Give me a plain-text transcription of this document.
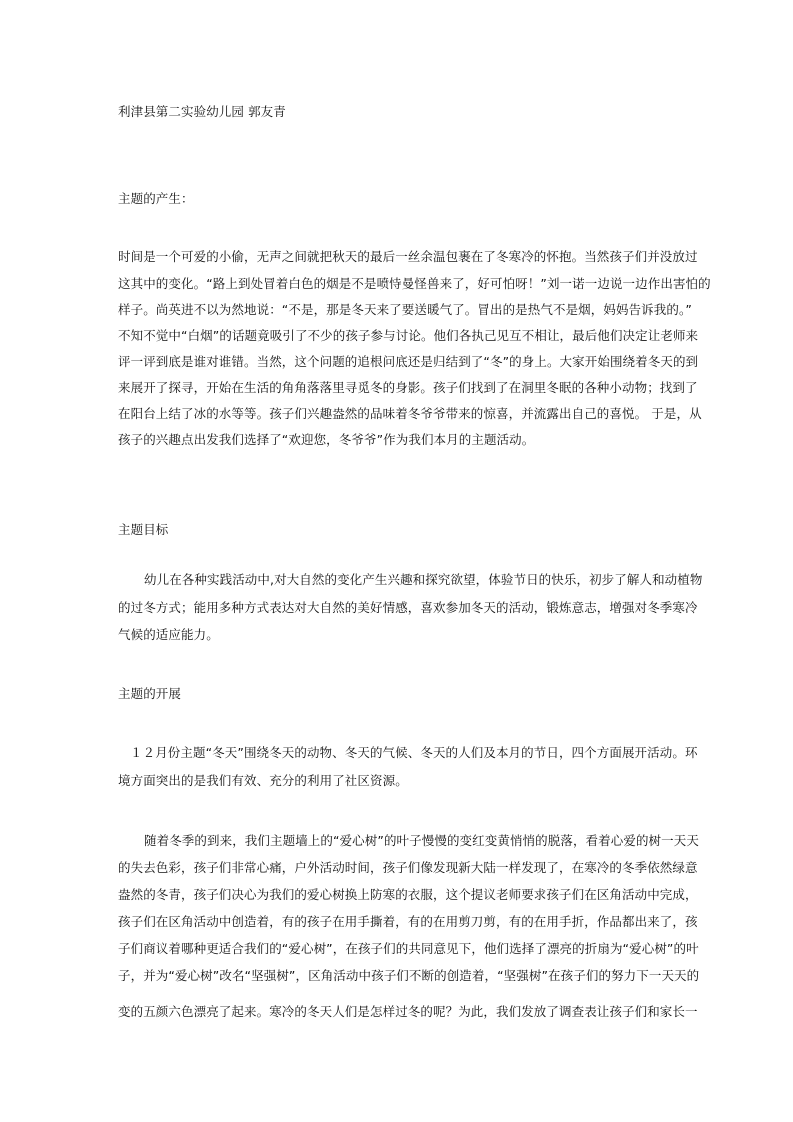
利津县第二实验幼儿园 郭友青
主题的产生：
时间是一个可爱的小偷，无声之间就把秋天的最后一丝余温包裹在了冬寒冷的怀抱。当然孩子们并没放过
这其中的变化。“路上到处冒着白色的烟是不是喷恃曼怪兽来了，好可怕呀！”刘一诺一边说一边作出害怕的
样子。尚英进不以为然地说：“不是，那是冬天来了要送暖气了。冒出的是热气不是烟，妈妈告诉我的。”
不知不觉中“白烟”的话题竟吸引了不少的孩子参与讨论。他们各执己见互不相让，最后他们决定让老师来
评一评到底是谁对谁错。当然，这个问题的追根问底还是归结到了“冬”的身上。大家开始围绕着冬天的到
来展开了探寻，开始在生活的角角落落里寻觅冬的身影。孩子们找到了在洞里冬眠的各种小动物；找到了
在阳台上结了冰的水等等。孩子们兴趣盎然的品味着冬爷爷带来的惊喜，并流露出自己的喜悦。 于是，从
孩子的兴趣点出发我们选择了“欢迎您，冬爷爷”作为我们本月的主题活动。
主题目标
幼儿在各种实践活动中,对大自然的变化产生兴趣和探究欲望，体验节日的快乐，初步了解人和动植物
的过冬方式；能用多种方式表达对大自然的美好情感，喜欢参加冬天的活动，锻炼意志，增强对冬季寒冷
气候的适应能力。
主题的开展
１２月份主题“冬天”围绕冬天的动物、冬天的气候、冬天的人们及本月的节日，四个方面展开活动。环
境方面突出的是我们有效、充分的利用了社区资源。
随着冬季的到来，我们主题墙上的“爱心树”的叶子慢慢的变红变黄悄悄的脱落，看着心爱的树一天天
的失去色彩，孩子们非常心痛，户外活动时间，孩子们像发现新大陆一样发现了，在寒冷的冬季依然绿意
盎然的冬青，孩子们决心为我们的爱心树换上防寒的衣服，这个提议老师要求孩子们在区角活动中完成，
孩子们在区角活动中创造着，有的孩子在用手撕着，有的在用剪刀剪，有的在用手折，作品都出来了，孩
子们商议着哪种更适合我们的“爱心树”，在孩子们的共同意见下，他们选择了漂亮的折扇为“爱心树”的叶
子，并为“爱心树”改名“坚强树”，区角活动中孩子们不断的创造着，“坚强树”在孩子们的努力下一天天的
变的五颜六色漂亮了起来。寒冷的冬天人们是怎样过冬的呢？为此，我们发放了调查表让孩子们和家长一
